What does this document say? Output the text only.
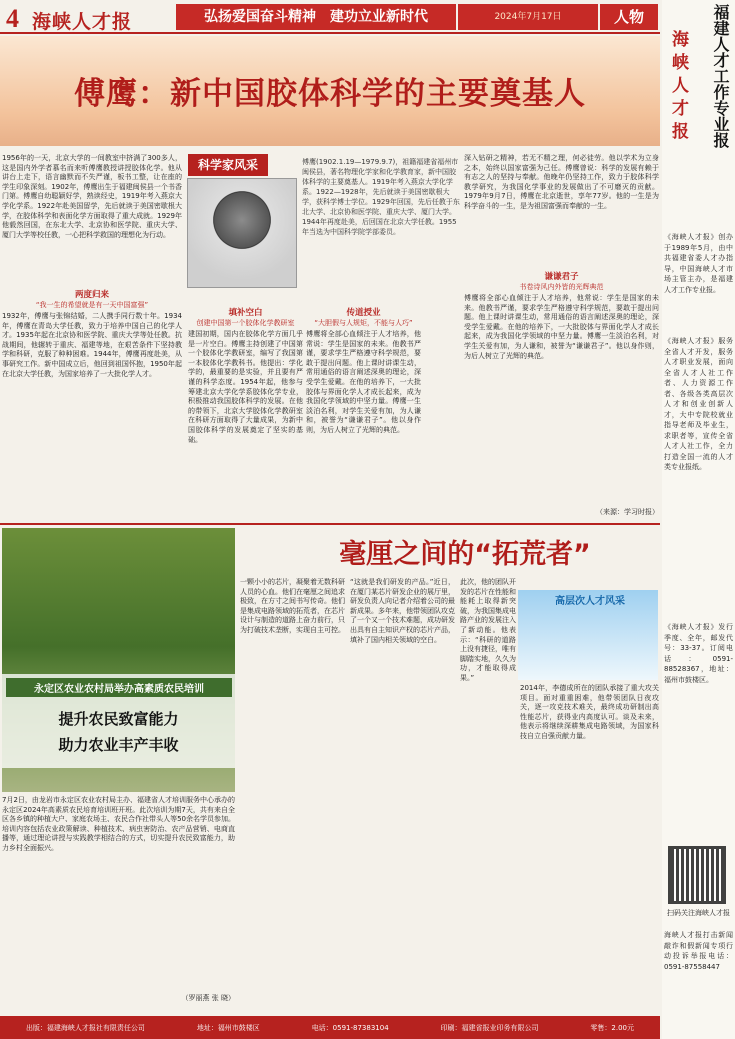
4 海峡人才报	弘扬爱国奋斗精神　建功立业新时代	2024年7月17日	人物
傅鹰：新中国胶体科学的主要奠基人
科学家风采	傅鹰(1902.1.19—1979.9.7)，祖籍福建省福州市闽侯县，著名物理化学家和化学教育家，新中国胶体科学的主要奠基人。1919年考入燕京大学化学系。1922—1928年，先后就读于美国密歇根大学，获科学博士学位。1929年回国，先后任教于东北大学、北京协和医学院、重庆大学、厦门大学。1944年再度赴美，后回国在北京大学任教。1955年当选为中国科学院学部委员。
1956年的一天，北京大学的一间教室中挤满了300多人，这是国内外学者慕名而来听傅鹰教授讲授胶体化学。他从讲台上走下，语言幽默而不失严谨，板书工整，让在座的学生印象深刻。1902年，傅鹰出生于福建闽侯县一个书香门第。傅鹰自幼聪颖好学，熟读经史，1919年考入燕京大学化学系。1922年赴美国留学，先后就读于美国密歇根大学，在胶体科学和表面化学方面取得了重大成就。1929年他毅然回国，在东北大学、北京协和医学院、重庆大学、厦门大学等校任教，一心把科学救国的理想化为行动。
两度归来
“我一生的希望就是有一天中国富强”
1932年，傅鹰与张锦结婚，二人携手同行数十年。1934年，傅鹰在青岛大学任教，致力于培养中国自己的化学人才。1935年起在北京协和医学院、重庆大学等处任教。抗战期间，他辗转于重庆、福建等地，在艰苦条件下坚持教学和科研，克服了种种困难。1944年，傅鹰再度赴美，从事研究工作。新中国成立后，他回到祖国怀抱，1950年起在北京大学任教，为国家培养了一大批化学人才。
填补空白
创建中国第一个胶体化学教研室
建国初期，国内在胶体化学方面几乎是一片空白。傅鹰主持创建了中国第一个胶体化学教研室，编写了我国第一本胶体化学教科书。他提出：学化学的，最重要的是实验，并且要有严谨的科学态度。1954年起，他参与筹建北京大学化学系胶体化学专业，积极推动我国胶体科学的发展。在他的带领下，北京大学胶体化学教研室在科研方面取得了大量成果，为新中国胶体科学的发展奠定了坚实的基础。
传道授业
“大胆假与人规矩，不能与人巧”
傅鹰将全部心血倾注于人才培养，他常说：学生是国家的未来。他教书严谨，要求学生严格遵守科学规范，要敢于提出问题。他上课时讲课生动，常用通俗的语言阐述深奥的理论，深受学生爱戴。在他的培养下，一大批胶体与界面化学人才成长起来，成为我国化学领域的中坚力量。傅鹰一生淡泊名利，对学生关爱有加，为人谦和，被誉为“谦谦君子”。他以身作则，为后人树立了光辉的典范。
深入钻研之精神，若无不精之理，何必徒劳。他以学术为立身之本，始终以国家富强为己任。傅鹰曾说：科学的发展有赖于有志之人的坚持与奉献。他晚年仍坚持工作，致力于胶体科学教学研究，为我国化学事业的发展做出了不可磨灭的贡献。1979年9月7日，傅鹰在北京逝世，享年77岁。他的一生是为科学奋斗的一生，是为祖国富强而奉献的一生。
谦谦君子
书卷诗风内外皆的光辉典范
傅鹰将全部心血倾注于人才培养，他常说：学生是国家的未来。他教书严谨，要求学生严格遵守科学规范，要敢于提出问题。他上课时讲课生动，常用通俗的语言阐述深奥的理论，深受学生爱戴。在他的培养下，一大批胶体与界面化学人才成长起来，成为我国化学领域的中坚力量。傅鹰一生淡泊名利，对学生关爱有加，为人谦和，被誉为“谦谦君子”。他以身作则，为后人树立了光辉的典范。
（来源：学习时报）
永定区农业农村局举办高素质农民培训
提升农民致富能力
助力农业丰产丰收
7月2日，由龙岩市永定区农业农村局主办、福建省人才培训服务中心承办的永定区2024年高素质农民培育培训班开班。此次培训为期7天，共有来自全区各乡镇的种植大户、家庭农场主、农民合作社带头人等50余名学员参加。培训内容包括农业政策解读、种植技术、病虫害防治、农产品营销、电商直播等，通过理论讲授与实践教学相结合的方式，切实提升农民致富能力，助力乡村全面振兴。
（罗丽燕 张 晓）
毫厘之间的“拓荒者”
一颗小小的芯片，凝聚着无数科研人员的心血。他们在毫厘之间追求极致，在方寸之间书写传奇。他们是集成电路领域的拓荒者，在芯片设计与制造的道路上奋力前行，只为打破技术垄断，实现自主可控。
“这就是我们研发的产品。”近日，在厦门某芯片研发企业的展厅里，研发负责人向记者介绍着公司的最新成果。多年来，他带领团队攻克了一个又一个技术难题，成功研发出具有自主知识产权的芯片产品，填补了国内相关领域的空白。
此次，他的团队开发的芯片在性能和能耗上取得新突破，为我国集成电路产业的发展注入了新动能。他表示：“科研的道路上没有捷径，唯有脚踏实地，久久为功，才能取得成果。”
高层次人才风采
2014年，李德成所在的团队承接了重大攻关项目。面对重重困难，他带领团队日夜攻关，逐一攻克技术难关，最终成功研制出高性能芯片，获得业内高度认可。谈及未来，他表示将继续深耕集成电路领域，为国家科技自立自强贡献力量。
出版：福建海峡人才报社有限责任公司	地址：福州市鼓楼区	电话：0591-87383104	印刷：福建省报业印务有限公司	零售：2.00元
海峡人才报	福建人才工作专业报
《海峡人才报》创办于1989年5月，由中共福建省委人才办指导，中国海峡人才市场主管主办，是福建人才工作专业报。
《海峡人才报》服务全省人才开发，服务人才职业发展，面向全省人才人社工作者、人力资源工作者、各级各类高层次人才和创业创新人才，大中专院校就业指导老师及毕业生，求职者等，宣传全省人才人社工作，全力打造全国一流的人才类专业报纸。
《海峡人才报》发行季度、全年，邮发代号：33-37。订阅电话：0591-88528367，地址：福州市鼓楼区。
扫码关注海峡人才报
海峡人才报打击新闻敲诈和假新闻专项行动投诉举报电话：0591-87558447
